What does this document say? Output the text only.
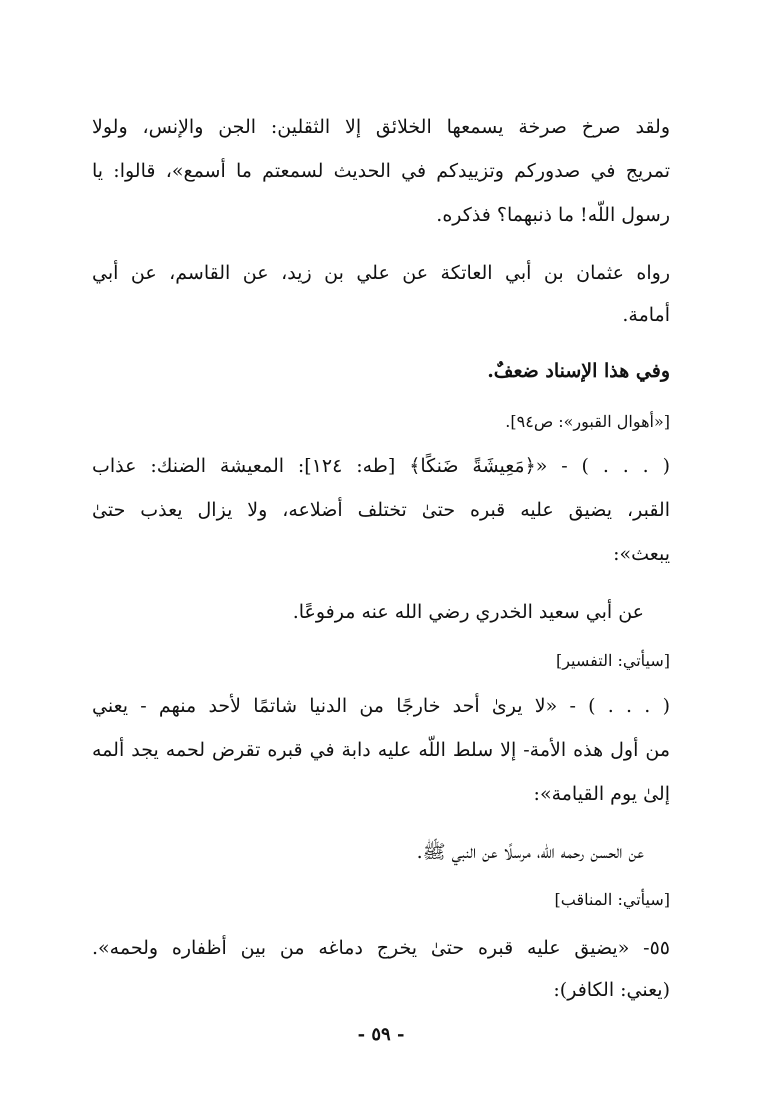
ولقد صرخ صرخة يسمعها الخلائق إلا الثقلين: الجن والإنس، ولولا
تمريج في صدوركم وتزييدكم في الحديث لسمعتم ما أسمع»، قالوا: يا
رسول اللّه! ما ذنبهما؟ فذكره.
رواه عثمان بن أبي العاتكة عن علي بن زيد، عن القاسم، عن أبي
أمامة.
وفي هذا الإسناد ضعفٌ.
[«أهوال القبور»: ص٩٤].
( . . . ) - «﴿مَعِيشَةً ضَنكًا﴾ [طه: ١٢٤]: المعيشة الضنك: عذاب
القبر، يضيق عليه قبره حتىٰ تختلف أضلاعه، ولا يزال يعذب حتىٰ
يبعث»:
عن أبي سعيد الخدري رضي الله عنه مرفوعًا.
[سيأتي: التفسير]
( . . . ) - «لا يرىٰ أحد خارجًا من الدنيا شاتمًا لأحد منهم - يعني
من أول هذه الأمة- إلا سلط اللّه عليه دابة في قبره تقرض لحمه يجد ألمه
إلىٰ يوم القيامة»:
عن الحسن رحمه الله، مرسلًا عن النبي ﷺ.
[سيأتي: المناقب]
٥٥- «يضيق عليه قبره حتىٰ يخرج دماغه من بين أظفاره ولحمه».
(يعني: الكافر):
- ٥٩ -
